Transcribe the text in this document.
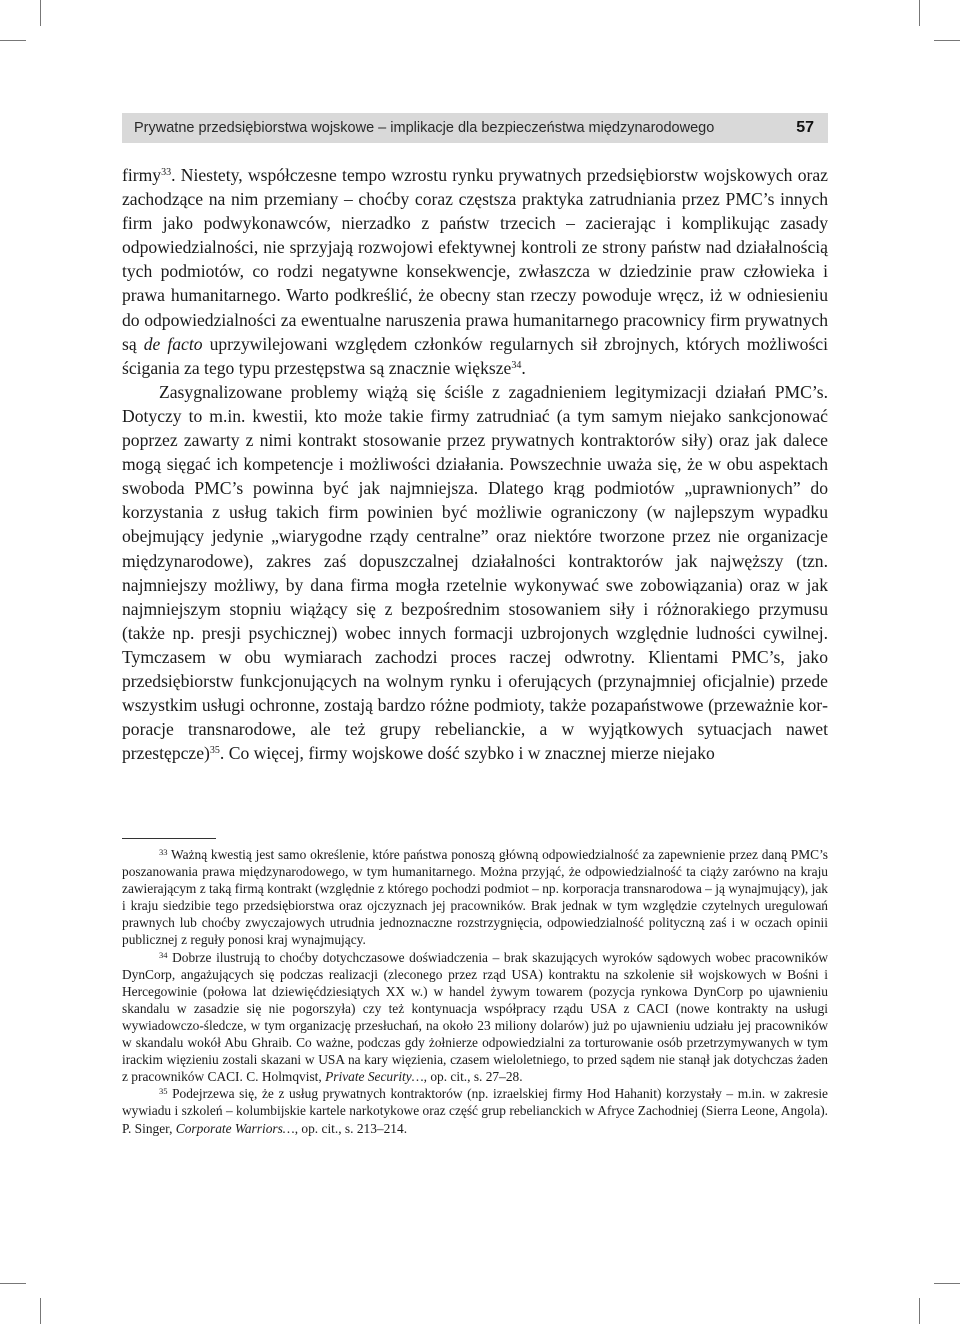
Prywatne przedsiębiorstwa wojskowe – implikacje dla bezpieczeństwa międzynarodowego	57

firmy$^{33}$. Niestety, współczesne tempo wzrostu rynku prywatnych przedsiębiorstw wojskowych oraz zachodzące na nim przemiany – choćby coraz częstsza praktyka zatrudniania przez PMC’s innych firm jako podwykonawców, nierzadko z państw trzecich – zacierając i komplikując zasady odpowiedzialności, nie sprzyjają rozwojowi efektywnej kontroli ze strony państw nad działalnością tych podmiotów, co rodzi negatywne konsekwencje, zwłaszcza w dziedzinie praw człowieka i prawa humanitarnego. Warto podkreślić, że obecny stan rzeczy powoduje wręcz, iż w odniesieniu do odpowiedzialności za ewentualne naruszenia prawa humanitarnego pracownicy firm prywatnych są de facto uprzywilejowani względem członków regularnych sił zbrojnych, których możliwości ścigania za tego typu przestępstwa są znacznie większe$^{34}$.

Zasygnalizowane problemy wiążą się ściśle z zagadnieniem legitymizacji działań PMC’s. Dotyczy to m.in. kwestii, kto może takie firmy zatrudniać (a tym samym niejako sankcjonować poprzez zawarty z nimi kontrakt stosowanie przez prywatnych kontraktorów siły) oraz jak dalece mogą sięgać ich kompetencje i możliwości działania. Powszechnie uważa się, że w obu aspektach swoboda PMC’s powinna być jak najmniejsza. Dlatego krąg podmiotów „uprawnionych” do korzystania z usług takich firm powinien być możliwie ograniczony (w najlepszym wypadku obejmujący jedynie „wiarygodne rządy centralne” oraz niektóre tworzone przez nie organizacje międzynarodowe), zakres zaś dopuszczalnej działalności kontraktorów jak najwęższy (tzn. najmniejszy możliwy, by dana firma mogła rzetelnie wykonywać swe zobowiązania) oraz w jak najmniejszym stopniu wiążący się z bezpośrednim stosowaniem siły i różnorakiego przymusu (także np. presji psychicznej) wobec innych formacji uzbrojonych względnie ludności cywilnej. Tymczasem w obu wymiarach zachodzi proces raczej odwrotny. Klientami PMC’s, jako przedsiębiorstw funkcjonujących na wolnym rynku i oferujących (przynajmniej oficjalnie) przede wszystkim usługi ochronne, zostają bardzo różne podmioty, także pozapaństwowe (przeważnie korporacje transnarodowe, ale też grupy rebelianckie, a w wyjątkowych sytuacjach nawet przestępcze)$^{35}$. Co więcej, firmy wojskowe dość szybko i w znacznej mierze niejako

$^{33}$ Ważną kwestią jest samo określenie, które państwa ponoszą główną odpowiedzialność za zapewnienie przez daną PMC’s poszanowania prawa międzynarodowego, w tym humanitarnego. Można przyjąć, że odpowiedzialność ta ciąży zarówno na kraju zawierającym z taką firmą kontrakt (względnie z którego pochodzi podmiot – np. korporacja transnarodowa – ją wynajmujący), jak i kraju siedzibie tego przedsiębiorstwa oraz ojczyznach jej pracowników. Brak jednak w tym względzie czytelnych uregulowań prawnych lub choćby zwyczajowych utrudnia jednoznaczne rozstrzygnięcia, odpowiedzialność polityczną zaś i w oczach opinii publicznej z reguły ponosi kraj wynajmujący.

$^{34}$ Dobrze ilustrują to choćby dotychczasowe doświadczenia – brak skazujących wyroków sądowych wobec pracowników DynCorp, angażujących się podczas realizacji (zleconego przez rząd USA) kontraktu na szkolenie sił wojskowych w Bośni i Hercegowinie (połowa lat dziewięćdziesiątych XX w.) w handel żywym towarem (pozycja rynkowa DynCorp po ujawnieniu skandalu w zasadzie się nie pogorszyła) czy też kontynuacja współpracy rządu USA z CACI (nowe kontrakty na usługi wywiadowczo-śledcze, w tym organizację przesłuchań, na około 23 miliony dolarów) już po ujawnieniu udziału jej pracowników w skandalu wokół Abu Ghraib. Co ważne, podczas gdy żołnierze odpowiedzialni za torturowanie osób przetrzymywanych w tym irackim więzieniu zostali skazani w USA na kary więzienia, czasem wieloletniego, to przed sądem nie stanął jak dotychczas żaden z pracowników CACI. C. Holmqvist, Private Security…, op. cit., s. 27–28.

$^{35}$ Podejrzewa się, że z usług prywatnych kontraktorów (np. izraelskiej firmy Hod Hahanit) korzystały – m.in. w zakresie wywiadu i szkoleń – kolumbijskie kartele narkotykowe oraz część grup rebelianckich w Afryce Zachodniej (Sierra Leone, Angola). P. Singer, Corporate Warriors…, op. cit., s. 213–214.
